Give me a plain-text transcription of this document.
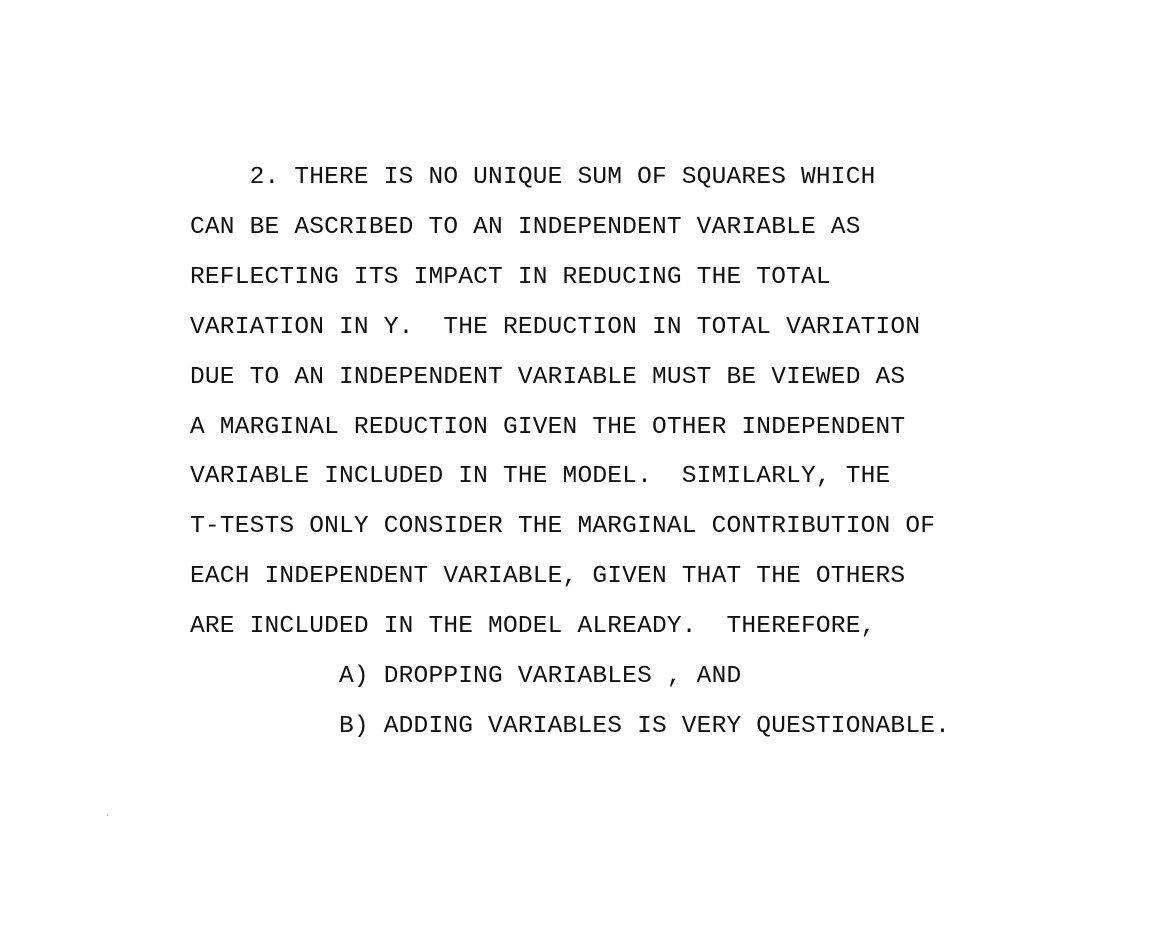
2. THERE IS NO UNIQUE SUM OF SQUARES WHICH

CAN BE ASCRIBED TO AN INDEPENDENT VARIABLE AS

REFLECTING ITS IMPACT IN REDUCING THE TOTAL

VARIATION IN Y.  THE REDUCTION IN TOTAL VARIATION

DUE TO AN INDEPENDENT VARIABLE MUST BE VIEWED AS

A MARGINAL REDUCTION GIVEN THE OTHER INDEPENDENT

VARIABLE INCLUDED IN THE MODEL.  SIMILARLY, THE

T-TESTS ONLY CONSIDER THE MARGINAL CONTRIBUTION OF

EACH INDEPENDENT VARIABLE, GIVEN THAT THE OTHERS

ARE INCLUDED IN THE MODEL ALREADY.  THEREFORE,

A) DROPPING VARIABLES , AND

B) ADDING VARIABLES IS VERY QUESTIONABLE.
